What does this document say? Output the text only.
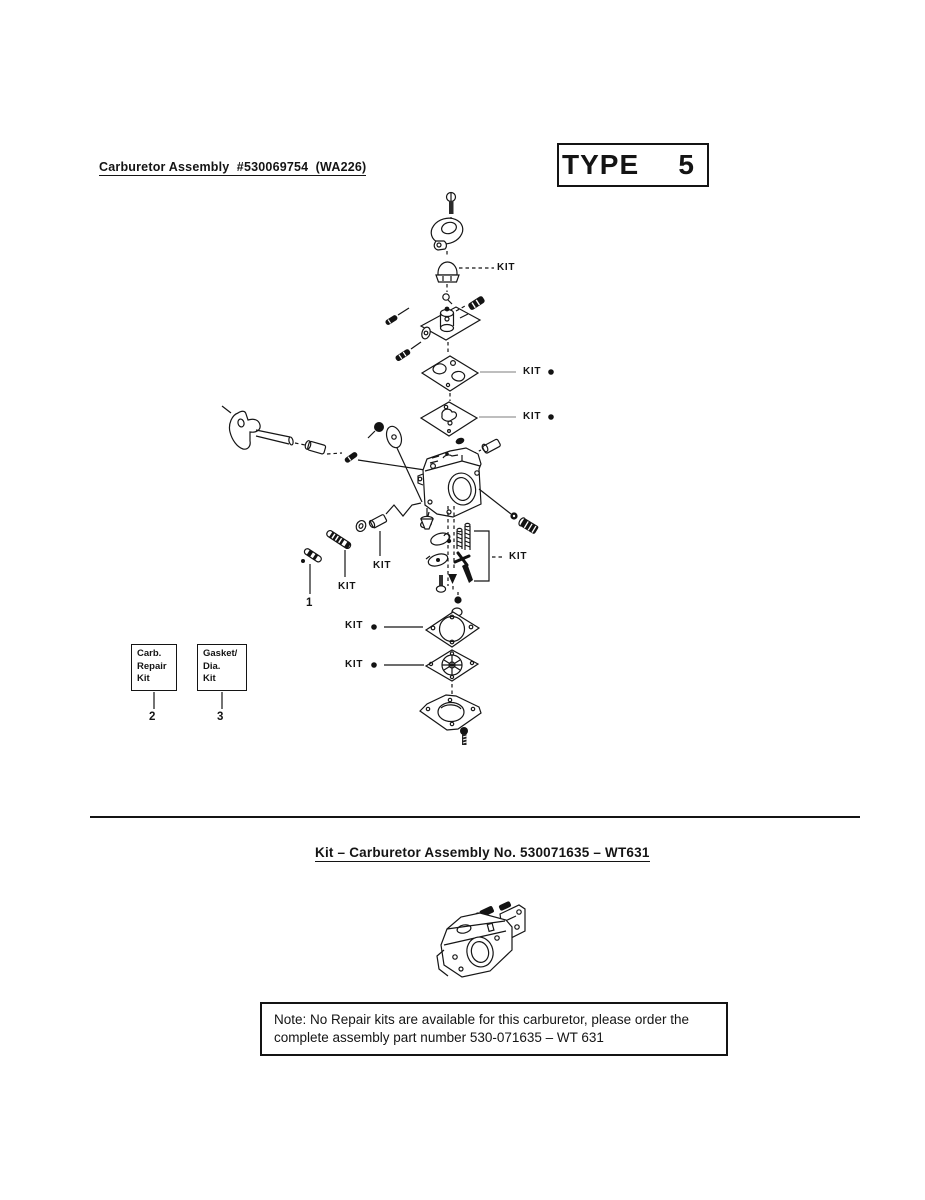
Carburetor Assembly  #530069754  (WA226)	TYPE 5
KIT
KIT
KIT
KIT
KIT
KIT
KIT
KIT
1
2	3
Carb.
Repair
Kit
Gasket/
Dia.
Kit
Kit – Carburetor Assembly No. 530071635 – WT631
Note: No Repair kits are available for this carburetor, please order the
complete assembly part number 530-071635 – WT 631
